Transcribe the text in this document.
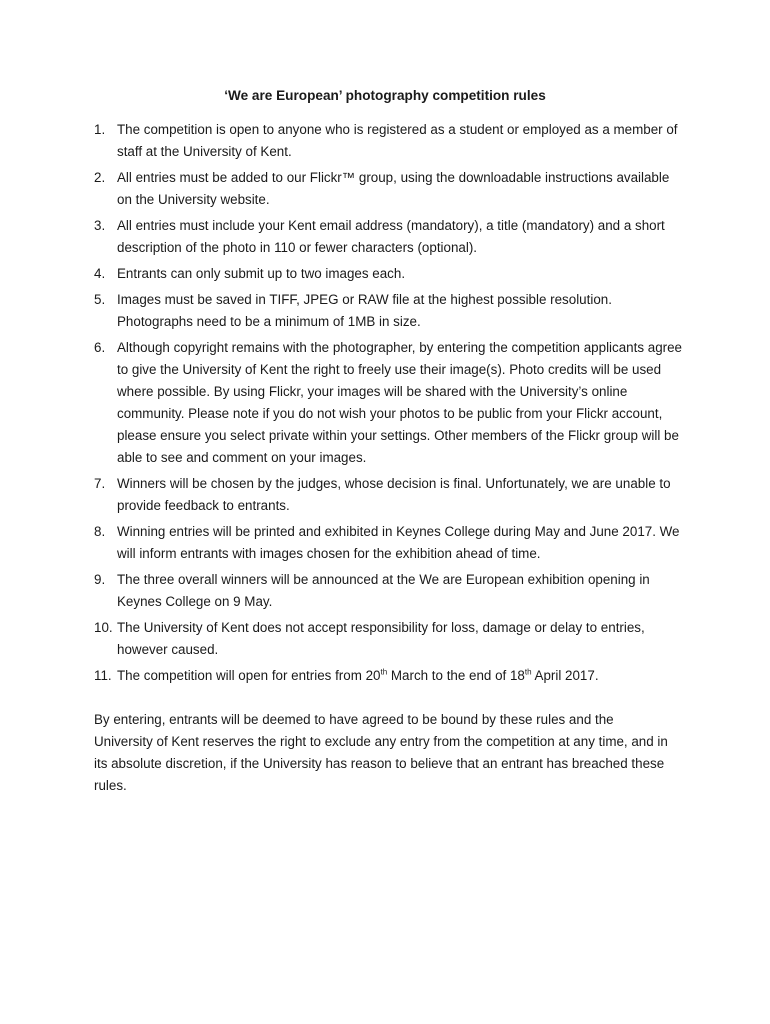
‘We are European’ photography competition rules
1. The competition is open to anyone who is registered as a student or employed as a member of staff at the University of Kent.
2. All entries must be added to our Flickr™ group, using the downloadable instructions available on the University website.
3. All entries must include your Kent email address (mandatory), a title (mandatory) and a short description of the photo in 110 or fewer characters (optional).
4. Entrants can only submit up to two images each.
5. Images must be saved in TIFF, JPEG or RAW file at the highest possible resolution. Photographs need to be a minimum of 1MB in size.
6. Although copyright remains with the photographer, by entering the competition applicants agree to give the University of Kent the right to freely use their image(s). Photo credits will be used where possible. By using Flickr, your images will be shared with the University’s online community. Please note if you do not wish your photos to be public from your Flickr account, please ensure you select private within your settings. Other members of the Flickr group will be able to see and comment on your images.
7. Winners will be chosen by the judges, whose decision is final. Unfortunately, we are unable to provide feedback to entrants.
8. Winning entries will be printed and exhibited in Keynes College during May and June 2017. We will inform entrants with images chosen for the exhibition ahead of time.
9. The three overall winners will be announced at the We are European exhibition opening in Keynes College on 9 May.
10. The University of Kent does not accept responsibility for loss, damage or delay to entries, however caused.
11. The competition will open for entries from 20th March to the end of 18th April 2017.

By entering, entrants will be deemed to have agreed to be bound by these rules and the University of Kent reserves the right to exclude any entry from the competition at any time, and in its absolute discretion, if the University has reason to believe that an entrant has breached these rules.
